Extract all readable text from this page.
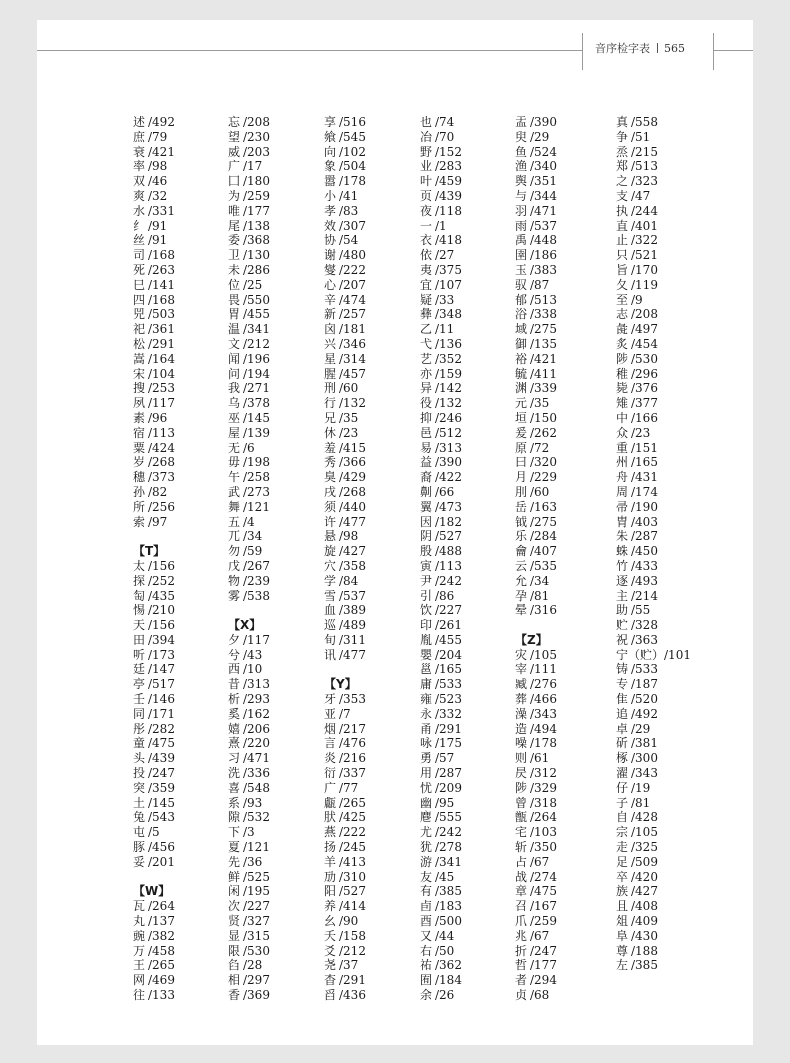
音序检字表 565
述 /492
庶 /79
衰 /421
率 /98
双 /46
爽 /32
水 /331
纟 /91
丝 /91
司 /168
死 /263
巳 /141
四 /168
兕 /503
祀 /361
松 /291
嵩 /164
宋 /104
搜 /253
夙 /117
素 /96
宿 /113
粟 /424
岁 /268
穗 /373
孙 /82
所 /256
索 /97
【T】
太 /156
探 /252
匋 /435
惕 /210
天 /156
田 /394
听 /173
廷 /147
亭 /517
壬 /146
同 /171
彤 /282
童 /475
头 /439
投 /247
突 /359
土 /145
兔 /543
屯 /5
豚 /456
妥 /201
【W】
瓦 /264
丸 /137
豌 /382
万 /458
王 /265
网 /469
往 /133
忘 /208
望 /230
威 /203
广 /17
囗 /180
为 /259
唯 /177
尾 /138
委 /368
卫 /130
未 /286
位 /25
畏 /550
胃 /455
温 /341
文 /212
闻 /196
问 /194
我 /271
乌 /378
巫 /145
屋 /139
无 /6
毋 /198
午 /258
武 /273
舞 /121
五 /4
兀 /34
勿 /59
戊 /267
物 /239
雾 /538
【X】
夕 /117
兮 /43
西 /10
昔 /313
析 /293
奚 /162
嬉 /206
熹 /220
习 /471
洗 /336
喜 /548
系 /93
隙 /532
下 /3
夏 /121
先 /36
鲜 /525
闲 /195
次 /227
贤 /327
显 /315
限 /530
臽 /28
相 /297
香 /369
享 /516
飨 /545
向 /102
象 /504
嚣 /178
小 /41
孝 /83
效 /307
协 /54
谢 /480
燮 /222
心 /207
辛 /474
新 /257
囟 /181
兴 /346
星 /314
腥 /457
刑 /60
行 /132
兄 /35
休 /23
羞 /415
秀 /366
臭 /429
戌 /268
须 /440
许 /477
悬 /98
旋 /427
穴 /358
学 /84
雪 /537
血 /389
巡 /489
旬 /311
讯 /477
【Y】
牙 /353
亚 /7
烟 /217
言 /476
炎 /216
衍 /337
广 /77
甗 /265
肰 /425
燕 /222
扬 /245
羊 /413
劢 /310
阳 /527
养 /414
幺 /90
夭 /158
爻 /212
尧 /37
杳 /291
舀 /436
也 /74
冶 /70
野 /152
业 /283
叶 /459
页 /439
夜 /118
一 /1
衣 /418
依 /27
夷 /375
宜 /107
疑 /33
彝 /348
乙 /11
弋 /136
艺 /352
亦 /159
异 /142
役 /132
抑 /246
邑 /512
易 /313
益 /390
裔 /422
劓 /66
翼 /473
因 /182
阴 /527
殷 /488
寅 /113
尹 /242
引 /86
饮 /227
印 /261
胤 /455
嬰 /204
邕 /165
庸 /533
雍 /523
永 /332
甬 /291
咏 /175
勇 /57
用 /287
忧 /209
幽 /95
麀 /555
尤 /242
犹 /278
游 /341
友 /45
有 /385
卣 /183
酉 /500
又 /44
右 /50
祐 /362
囿 /184
余 /26
盂 /390
臾 /29
鱼 /524
渔 /340
舆 /351
与 /344
羽 /471
雨 /537
禹 /448
圉 /186
玉 /383
驭 /87
郁 /513
浴 /338
域 /275
御 /135
裕 /421
毓 /411
渊 /339
元 /35
垣 /150
爰 /262
原 /72
曰 /320
月 /229
刖 /60
岳 /163
钺 /275
乐 /284
龠 /407
云 /535
允 /34
孕 /81
晕 /316
【Z】
灾 /105
宰 /111
臧 /276
葬 /466
澡 /343
造 /494
噪 /178
则 /61
昃 /312
陟 /329
曾 /318
甑 /264
宅 /103
斩 /350
占 /67
战 /274
章 /475
召 /167
爪 /259
兆 /67
折 /247
哲 /177
者 /294
贞 /68
真 /558
争 /51
烝 /215
郑 /513
之 /323
支 /47
执 /244
直 /401
止 /322
只 /521
旨 /170
夂 /119
至 /9
志 /208
彘 /497
炙 /454
陟 /530
稚 /296
毙 /376
雉 /377
中 /166
众 /23
重 /151
州 /165
舟 /431
周 /174
帚 /190
胄 /403
朱 /287
蛛 /450
竹 /433
逐 /493
主 /214
助 /55
贮 /328
祝 /363
宁（贮）/101
铸 /533
专 /187
隹 /520
追 /492
卓 /29
斫 /381
椓 /300
濯 /343
仔 /19
子 /81
自 /428
宗 /105
走 /325
足 /509
卒 /420
族 /427
且 /408
俎 /409
阜 /430
尊 /188
左 /385
